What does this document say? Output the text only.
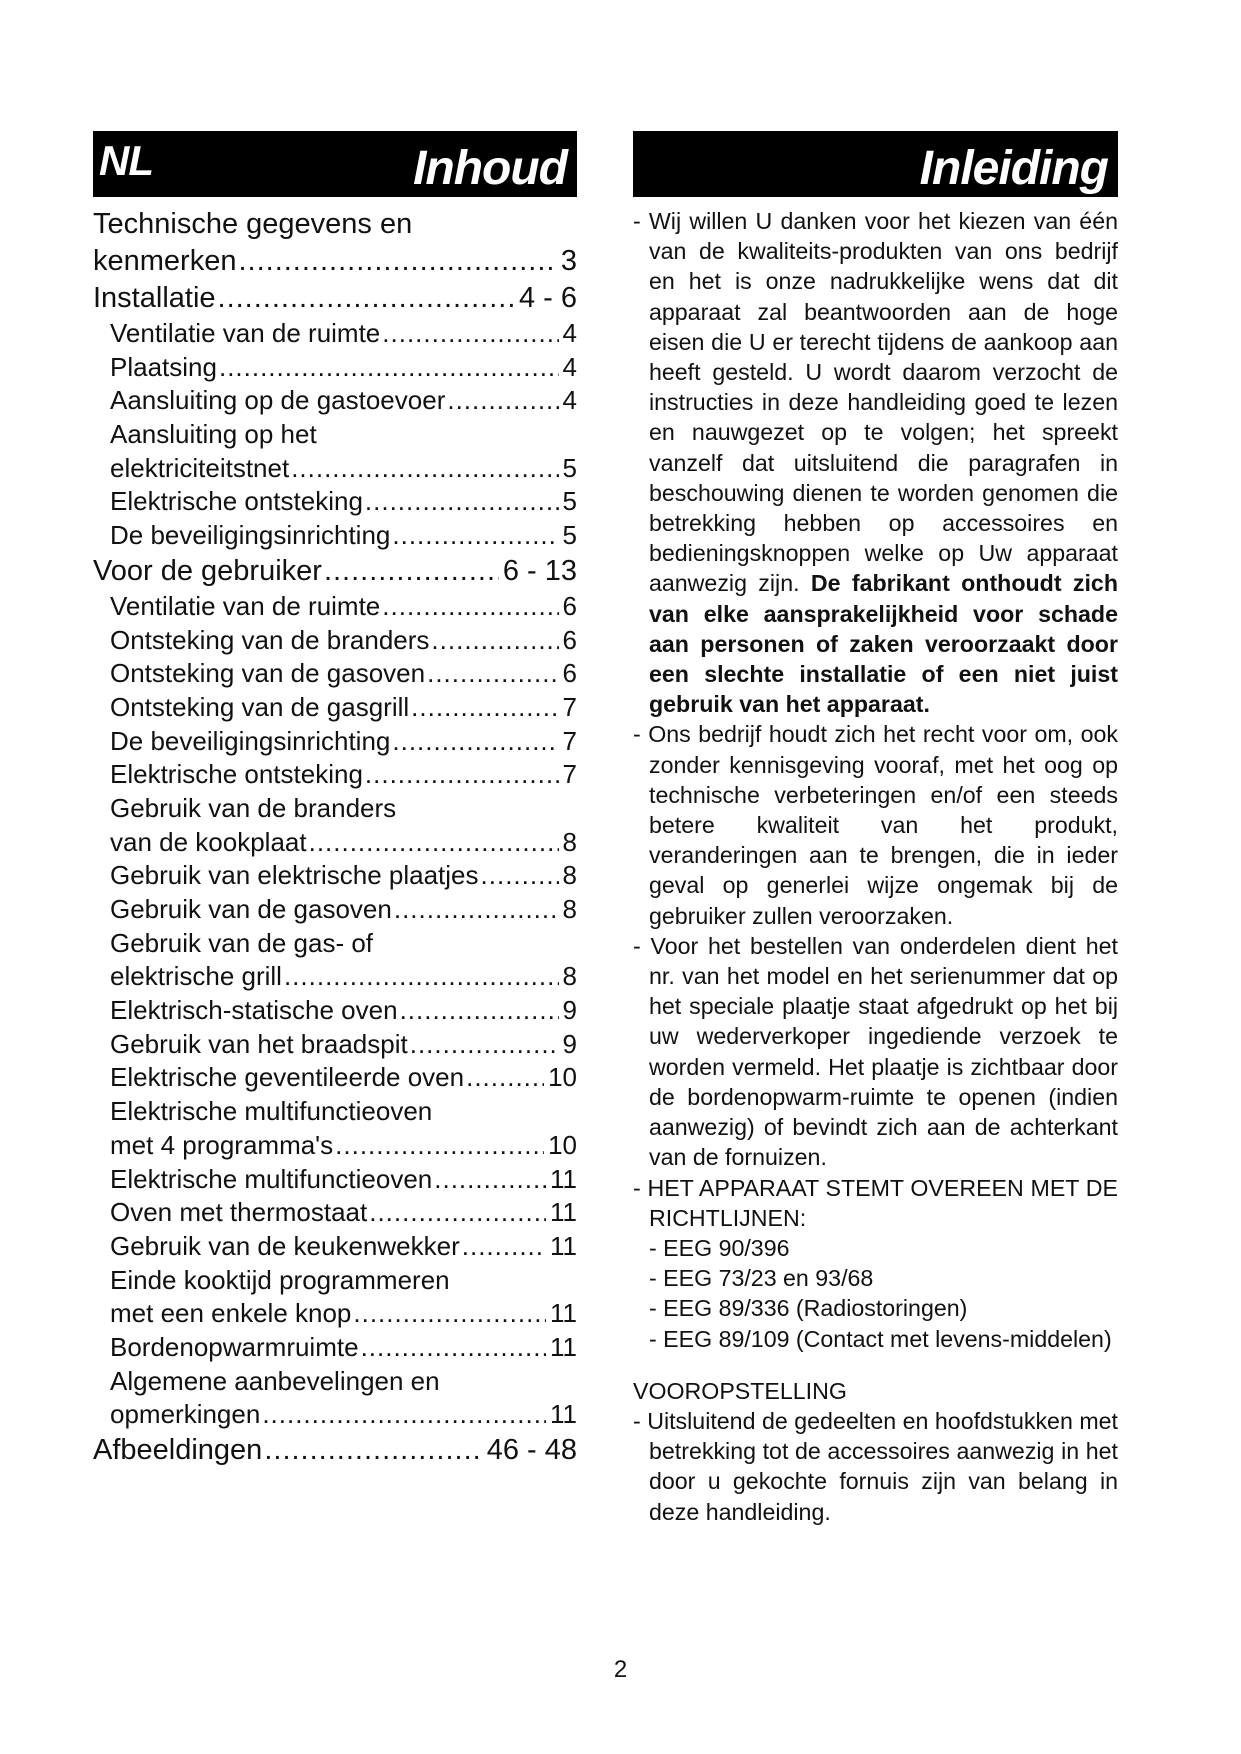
NL	Inhoud	Inleiding
Technische gegevens en
kenmerken .....	3
Installatie .....	4 - 6
Ventilatie van de ruimte .....	4
Plaatsing .....	4
Aansluiting op de gastoevoer .....	4
Aansluiting op het
elektriciteitstnet .....	5
Elektrische ontsteking .....	5
De beveiligingsinrichting .....	5
Voor de gebruiker .....	6 - 13
Ventilatie van de ruimte .....	6
Ontsteking van de branders .....	6
Ontsteking van de gasoven .....	6
Ontsteking van de gasgrill .....	7
De beveiligingsinrichting .....	7
Elektrische ontsteking .....	7
Gebruik van de branders
van de kookplaat .....	8
Gebruik van elektrische plaatjes .....	8
Gebruik van de gasoven .....	8
Gebruik van de gas- of
elektrische grill .....	8
Elektrisch-statische oven .....	9
Gebruik van het braadspit .....	9
Elektrische geventileerde oven .....	10
Elektrische multifunctieoven
met 4 programma's .....	10
Elektrische multifunctieoven .....	11
Oven met thermostaat .....	11
Gebruik van de keukenwekker .....	11
Einde kooktijd programmeren
met een enkele knop .....	11
Bordenopwarmruimte .....	11
Algemene aanbevelingen en
opmerkingen .....	11
Afbeeldingen .....	46 - 48

- Wij willen U danken voor het kiezen van één van de kwaliteits-produkten van ons bedrijf en het is onze nadrukkelijke wens dat dit apparaat zal beantwoorden aan de hoge eisen die U er terecht tijdens de aankoop aan heeft gesteld. U wordt daarom verzocht de instructies in deze handleiding goed te lezen en nauwgezet op te volgen; het spreekt vanzelf dat uitsluitend die paragrafen in beschouwing dienen te worden genomen die betrekking hebben op accessoires en bedieningsknoppen welke op Uw apparaat aanwezig zijn. De fabrikant onthoudt zich van elke aansprakelijkheid voor schade aan personen of zaken veroorzaakt door een slechte installatie of een niet juist gebruik van het apparaat.

- Ons bedrijf houdt zich het recht voor om, ook zonder kennisgeving vooraf, met het oog op technische verbeteringen en/of een steeds betere kwaliteit van het produkt, veranderingen aan te brengen, die in ieder geval op generlei wijze ongemak bij de gebruiker zullen veroorzaken.

- Voor het bestellen van onderdelen dient het nr. van het model en het serienummer dat op het speciale plaatje staat afgedrukt op het bij uw wederverkoper ingediende verzoek te worden vermeld. Het plaatje is zichtbaar door de bordenopwarm-ruimte te openen (indien aanwezig) of bevindt zich aan de achterkant van de fornuizen.

- HET APPARAAT STEMT OVEREEN MET DE RICHTLIJNEN:

- EEG 90/396

- EEG 73/23 en 93/68

- EEG 89/336 (Radiostoringen)

- EEG 89/109 (Contact met levens-middelen)

VOOROPSTELLING

- Uitsluitend de gedeelten en hoofdstukken met betrekking tot de accessoires aanwezig in het door u gekochte fornuis zijn van belang in deze handleiding.

2
